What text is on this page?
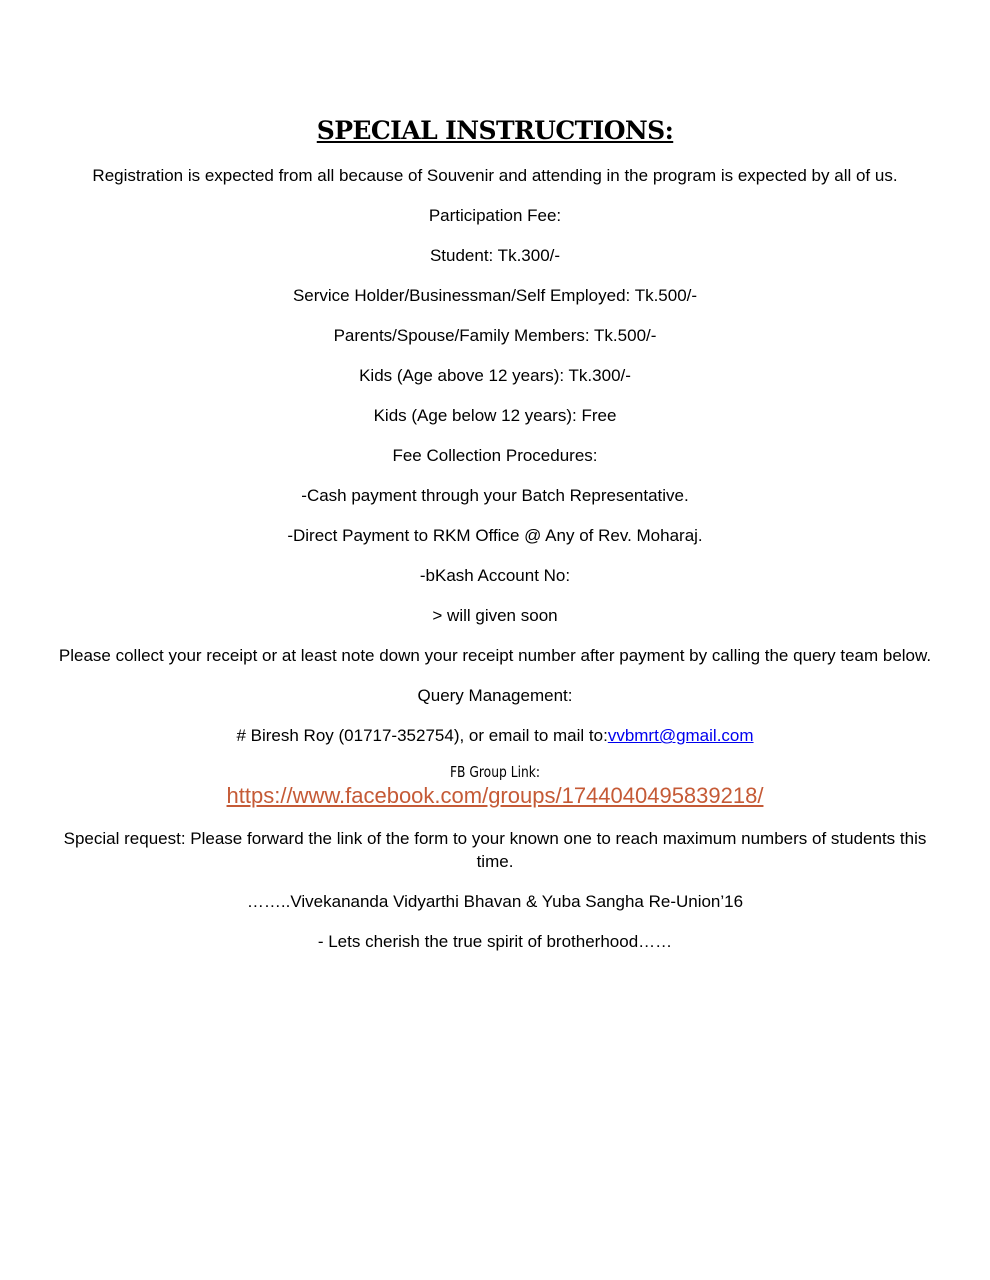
SPECIAL INSTRUCTIONS:

Registration is expected from all because of Souvenir and attending in the program is expected by all of us.

Participation Fee:

Student: Tk.300/-

Service Holder/Businessman/Self Employed: Tk.500/-

Parents/Spouse/Family Members: Tk.500/-

Kids (Age above 12 years): Tk.300/-

Kids (Age below 12 years): Free

Fee Collection Procedures:

-Cash payment through your Batch Representative.

-Direct Payment to RKM Office @ Any of Rev. Moharaj.

-bKash Account No:

> will given soon

Please collect your receipt or at least note down your receipt number after payment by calling the query team below.

Query Management:

# Biresh Roy (01717-352754), or email to mail to:vvbmrt@gmail.com

FB Group Link:

https://www.facebook.com/groups/1744040495839218/

Special request: Please forward the link of the form to your known one to reach maximum numbers of students this time.

……..Vivekananda Vidyarthi Bhavan & Yuba Sangha Re-Union’16

- Lets cherish the true spirit of brotherhood……
